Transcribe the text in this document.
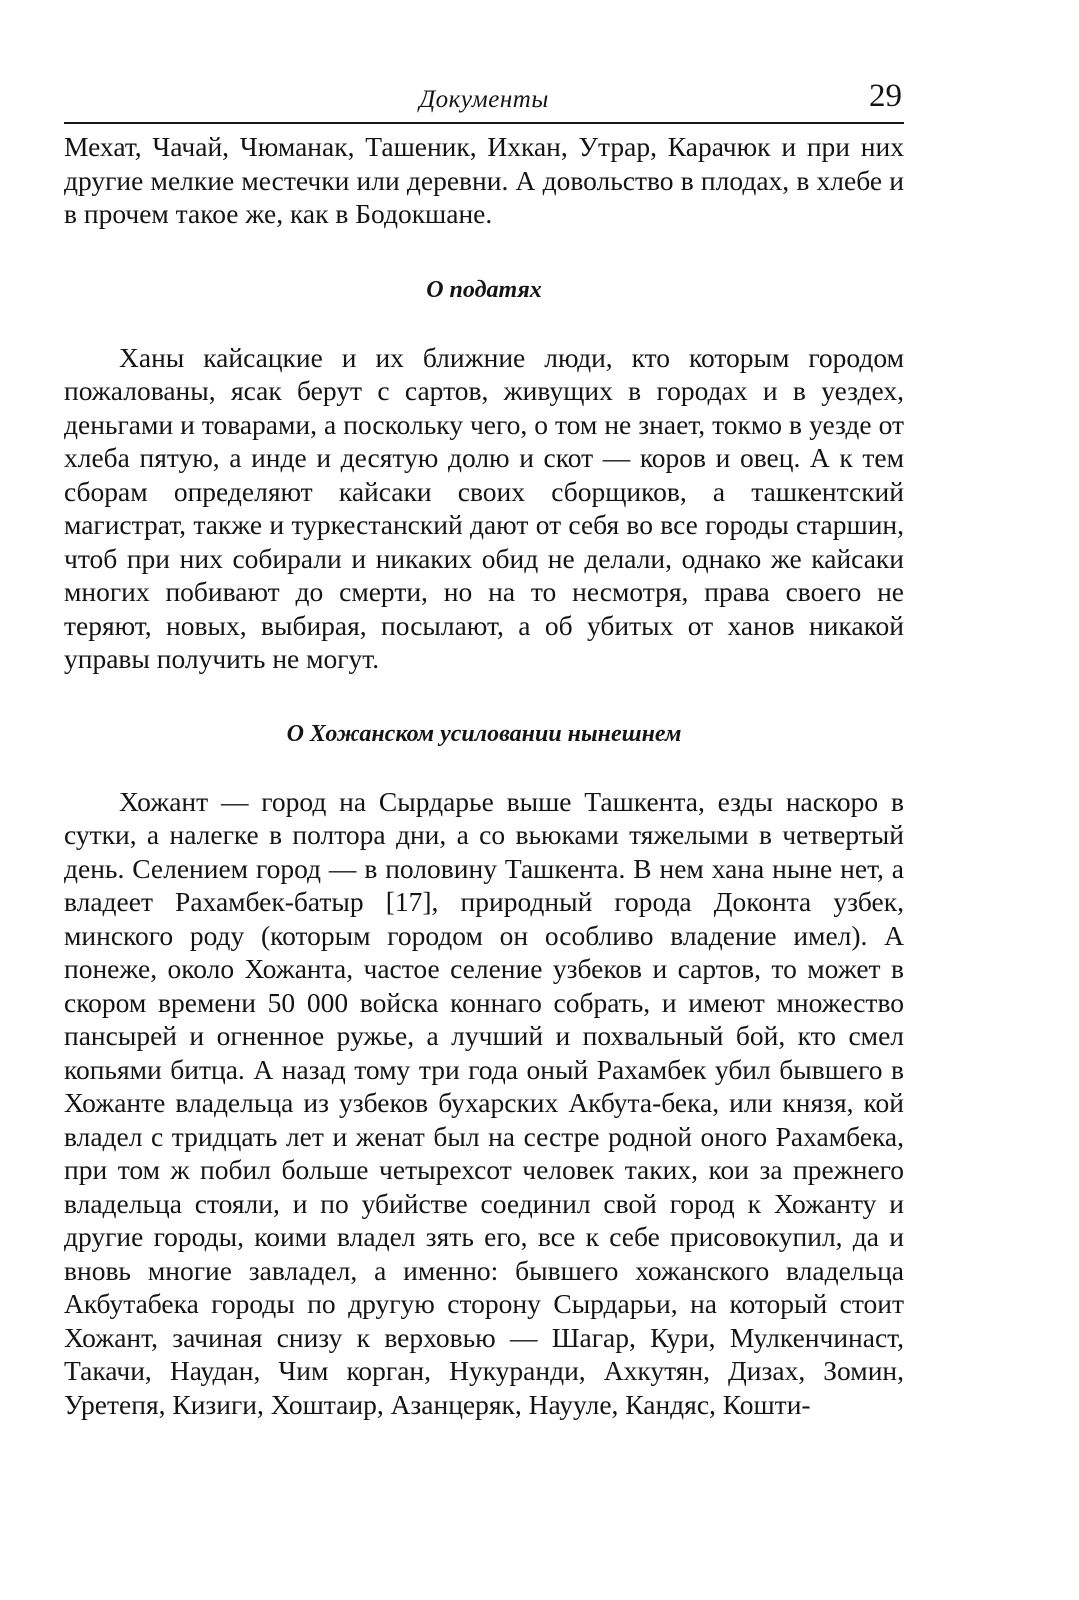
Документы	29

Мехат, Чачай, Чюманак, Ташеник, Ихкан, Утрар, Карачюк и при них другие мелкие местечки или деревни. А довольство в плодах, в хлебе и в прочем такое же, как в Бодокшане.

О податях

Ханы кайсацкие и их ближние люди, кто которым городом пожалованы, ясак берут с сартов, живущих в городах и в уездех, деньгами и товарами, а поскольку чего, о том не знает, токмо в уезде от хлеба пятую, а инде и десятую долю и скот — коров и овец. А к тем сборам определяют кайсаки своих сборщиков, а ташкентский магистрат, также и туркестанский дают от себя во все городы старшин, чтоб при них собирали и никаких обид не делали, однако же кайсаки многих побивают до смерти, но на то несмотря, права своего не теряют, новых, выбирая, посылают, а об убитых от ханов никакой управы получить не могут.

О Хожанском усиловании нынешнем

Хожант — город на Сырдарье выше Ташкента, езды наскоро в сутки, а налегке в полтора дни, а со вьюками тяжелыми в четвертый день. Селением город — в половину Ташкента. В нем хана ныне нет, а владеет Рахамбек-батыр [17], природный города Доконта узбек, минского роду (которым городом он особливо владение имел). А понеже, около Хожанта, частое селение узбеков и сартов, то может в скором времени 50 000 войска коннаго собрать, и имеют множество пансырей и огненное ружье, а лучший и похвальный бой, кто смел копьями битца. А назад тому три года оный Рахамбек убил бывшего в Хожанте владельца из узбеков бухарских Акбута-бека, или князя, кой владел с тридцать лет и женат был на сестре родной оного Рахамбека, при том ж побил больше четырехсот человек таких, кои за прежнего владельца стояли, и по убийстве соединил свой город к Хожанту и другие городы, коими владел зять его, все к себе присовокупил, да и вновь многие завладел, а именно: бывшего хожанского владельца Акбутабека городы по другую сторону Сырдарьи, на который стоит Хожант, зачиная снизу к верховью — Шагар, Кури, Мулкенчинаст, Такачи, Наудан, Чим корган, Нукуранди, Ахкутян, Дизах, Зомин, Уретепя, Кизиги, Хоштаир, Азанцеряк, Наууле, Кандяс, Кошти-
